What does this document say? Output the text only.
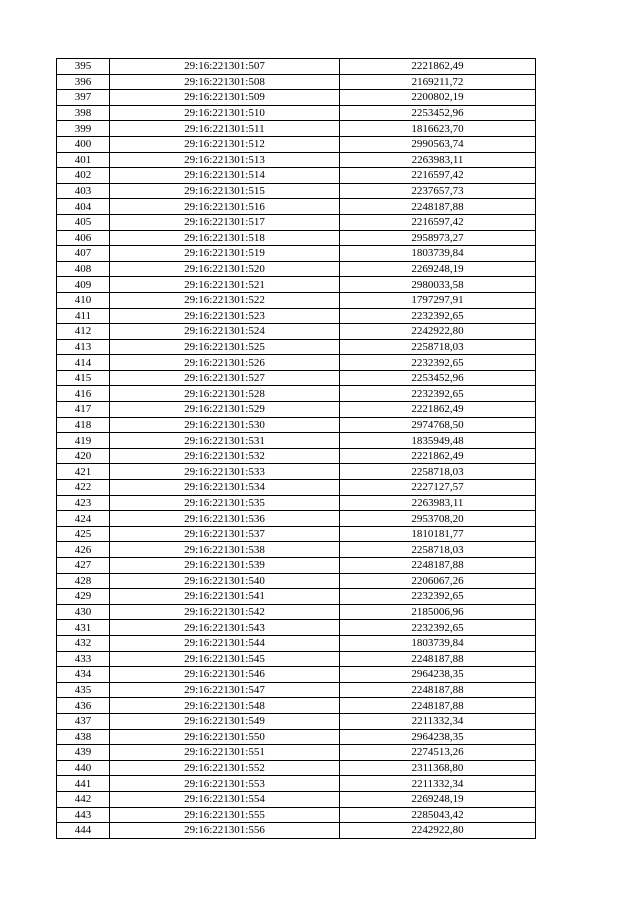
395	29:16:221301:507	2221862,49
396	29:16:221301:508	2169211,72
397	29:16:221301:509	2200802,19
398	29:16:221301:510	2253452,96
399	29:16:221301:511	1816623,70
400	29:16:221301:512	2990563,74
401	29:16:221301:513	2263983,11
402	29:16:221301:514	2216597,42
403	29:16:221301:515	2237657,73
404	29:16:221301:516	2248187,88
405	29:16:221301:517	2216597,42
406	29:16:221301:518	2958973,27
407	29:16:221301:519	1803739,84
408	29:16:221301:520	2269248,19
409	29:16:221301:521	2980033,58
410	29:16:221301:522	1797297,91
411	29:16:221301:523	2232392,65
412	29:16:221301:524	2242922,80
413	29:16:221301:525	2258718,03
414	29:16:221301:526	2232392,65
415	29:16:221301:527	2253452,96
416	29:16:221301:528	2232392,65
417	29:16:221301:529	2221862,49
418	29:16:221301:530	2974768,50
419	29:16:221301:531	1835949,48
420	29:16:221301:532	2221862,49
421	29:16:221301:533	2258718,03
422	29:16:221301:534	2227127,57
423	29:16:221301:535	2263983,11
424	29:16:221301:536	2953708,20
425	29:16:221301:537	1810181,77
426	29:16:221301:538	2258718,03
427	29:16:221301:539	2248187,88
428	29:16:221301:540	2206067,26
429	29:16:221301:541	2232392,65
430	29:16:221301:542	2185006,96
431	29:16:221301:543	2232392,65
432	29:16:221301:544	1803739,84
433	29:16:221301:545	2248187,88
434	29:16:221301:546	2964238,35
435	29:16:221301:547	2248187,88
436	29:16:221301:548	2248187,88
437	29:16:221301:549	2211332,34
438	29:16:221301:550	2964238,35
439	29:16:221301:551	2274513,26
440	29:16:221301:552	2311368,80
441	29:16:221301:553	2211332,34
442	29:16:221301:554	2269248,19
443	29:16:221301:555	2285043,42
444	29:16:221301:556	2242922,80
